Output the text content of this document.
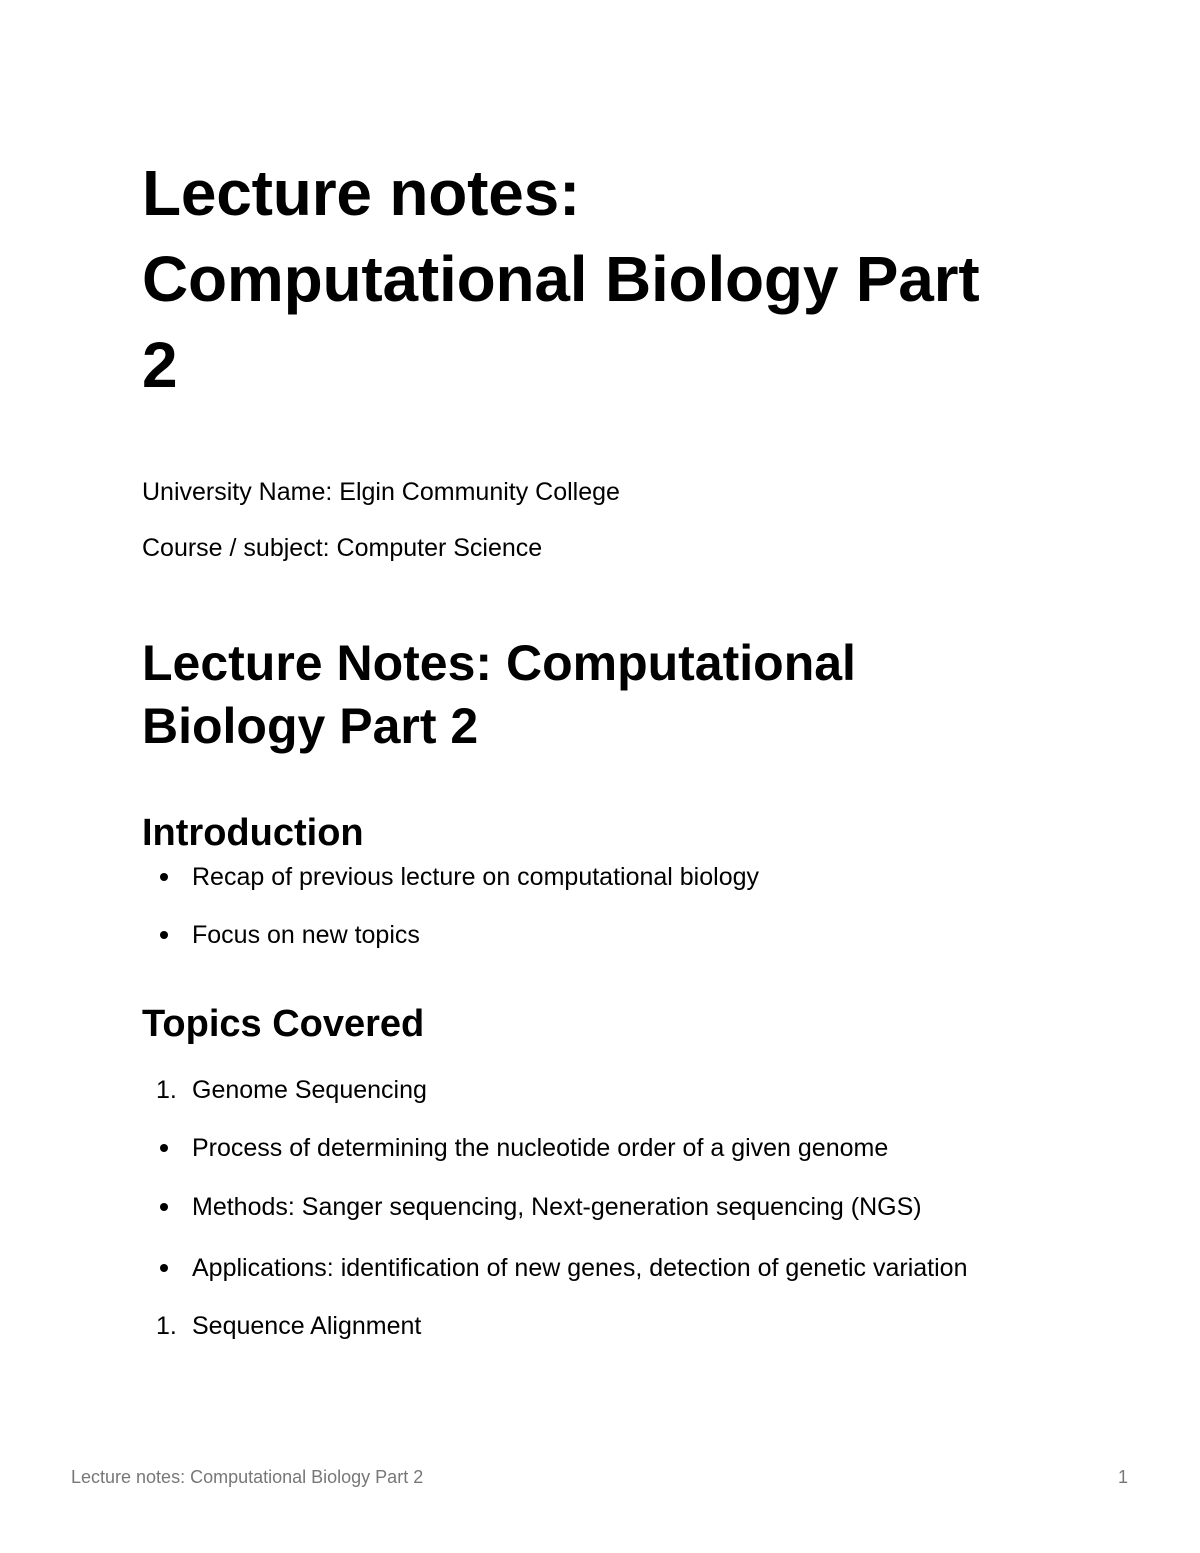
Lecture notes:
Computational Biology Part
2

University Name: Elgin Community College

Course / subject: Computer Science

Lecture Notes: Computational
Biology Part 2
Introduction
Recap of previous lecture on computational biology
Focus on new topics
Topics Covered
1. Genome Sequencing
Process of determining the nucleotide order of a given genome
Methods: Sanger sequencing, Next-generation sequencing (NGS)
Applications: identification of new genes, detection of genetic variation
1. Sequence Alignment
Lecture notes: Computational Biology Part 2	1
